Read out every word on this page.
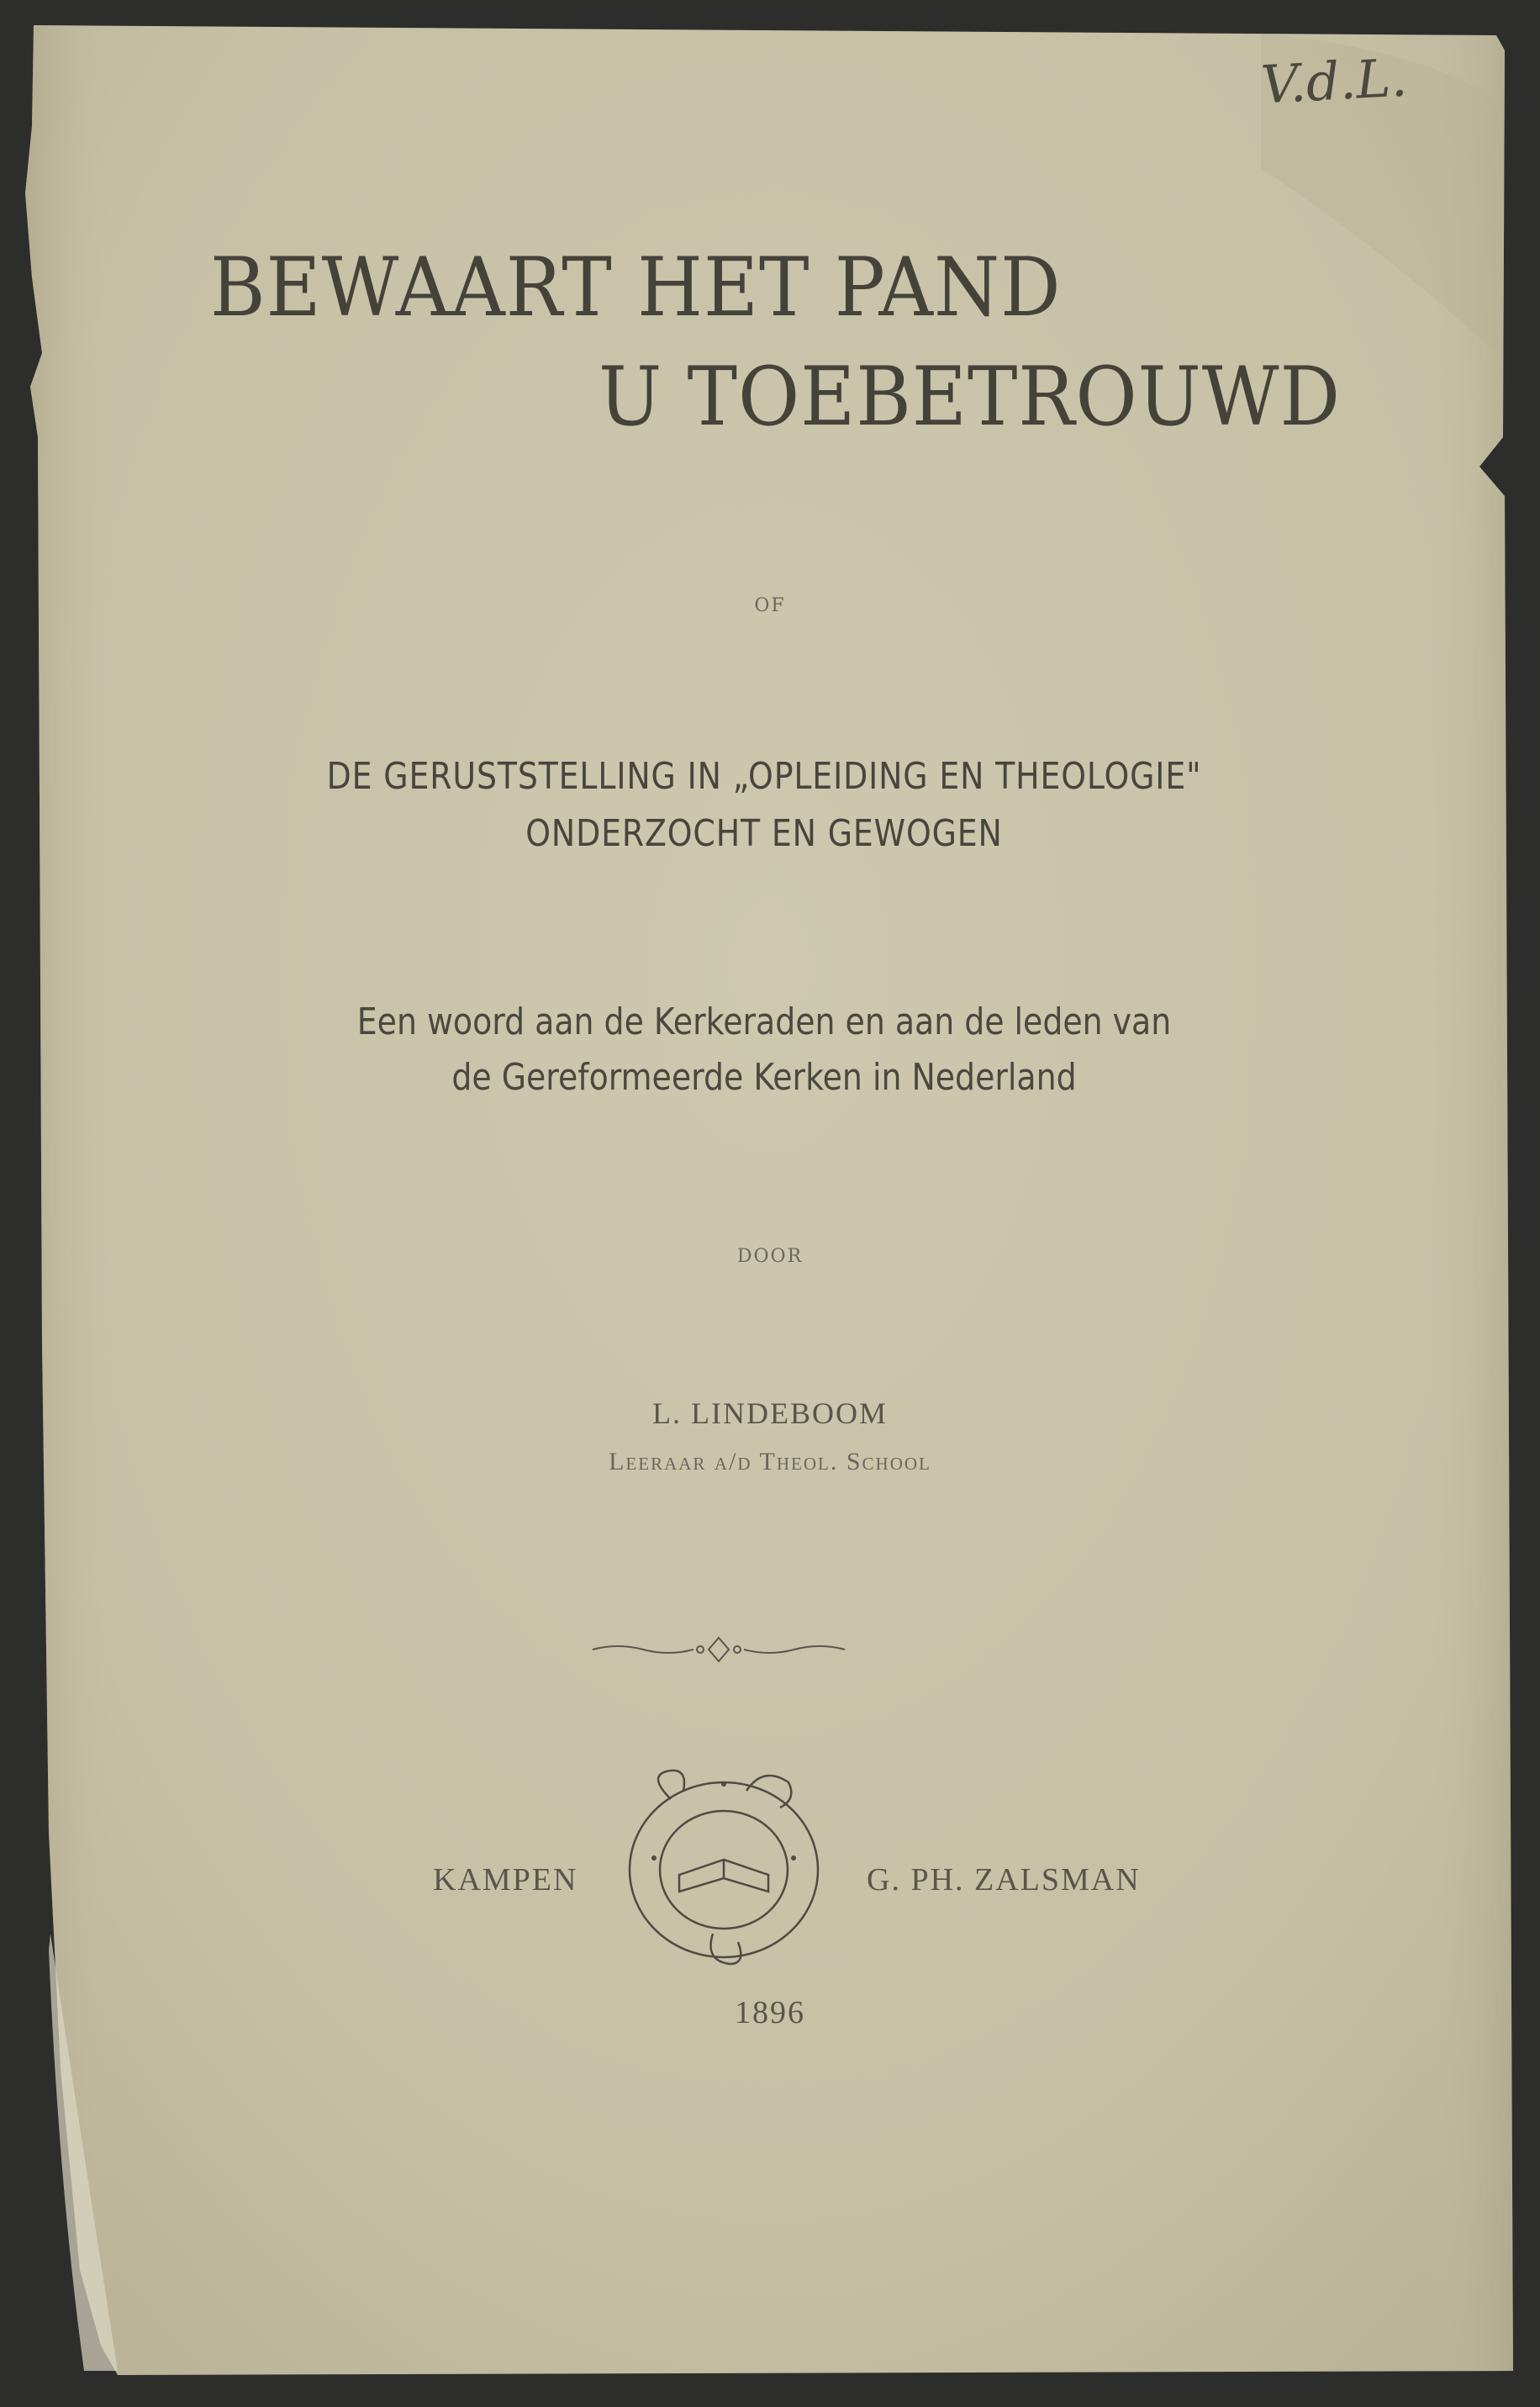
V.d.L.
BEWAART HET PAND
U TOEBETROUWD
OF
DE GERUSTSTELLING IN „OPLEIDING EN THEOLOGIE"
ONDERZOCHT EN GEWOGEN
Een woord aan de Kerkeraden en aan de leden van
de Gereformeerde Kerken in Nederland
DOOR
L. LINDEBOOM
Leeraar a/d Theol. School
KAMPEN	G. PH. ZALSMAN
1896
